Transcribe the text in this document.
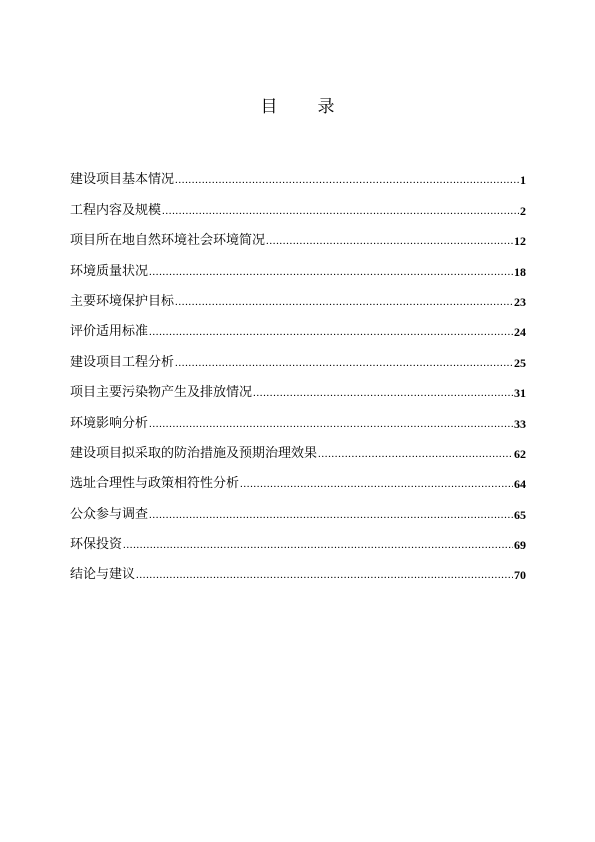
目 录
建设项目基本情况 .....	1
工程内容及规模 .....	2
项目所在地自然环境社会环境简况 .....	12
环境质量状况 .....	18
主要环境保护目标 .....	23
评价适用标准 .....	24
建设项目工程分析 .....	25
项目主要污染物产生及排放情况 .....	31
环境影响分析 .....	33
建设项目拟采取的防治措施及预期治理效果 .....	62
选址合理性与政策相符性分析 .....	64
公众参与调查 .....	65
环保投资 .....	69
结论与建议 .....	70
